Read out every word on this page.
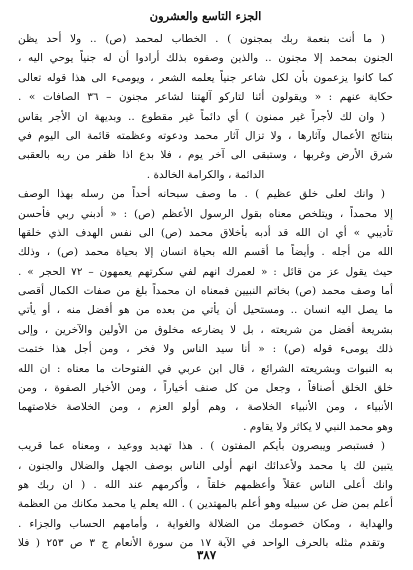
الجزء التاسع والعشرون
( ما أنت بنعمة ربك بمجنون ) . الخطاب لمحمد (ص) .. ولا أحد يظن
الجنون بمحمد إلا مجنون .. والذين وصفوه بذلك أرادوا أن له جنياً يوحي اليه ،
كما كانوا يزعمون بأن لكل شاعر جنياً يعلمه الشعر ، ويومىء الى هذا قوله تعالى
حكاية عنهم : « ويقولون أئنا لتاركو آلهتنا لشاعر مجنون – ٣٦ الصافات » .
( وان لك لأجراً غير ممنون ) أي دائماً غير مقطوع .. وبديهة ان الأجر يقاس
بنتائج الأعمال وآثارها ، ولا تزال آثار محمد ودعوته وعظمته قائمة الى اليوم في
شرق الأرض وغربها ، وستبقى الى آخر يوم ، فلا بدع اذا ظفر من ربه بالعقبى
الدائمة ، والكرامة الخالدة .
( وانك لعلى خلق عظيم ) . ما وصف سبحانه أحداً من رسله بهذا الوصف
إلا محمداً ، ويتلخص معناه بقول الرسول الأعظم (ص) : « أدبني ربي فأحسن
تأديبي » أي ان الله قد أدبه بأخلاق محمد (ص) الى نفس الهدف الذي خلقها
الله من أجله . وأيضاً ما أقسم الله بحياة انسان إلا بحياة محمد (ص) ، وذلك
حيث يقول عز من قائل : « لعمرك انهم لفي سكرتهم يعمهون – ٧٢ الحجر » .
أما وصف محمد (ص) بخاتم النبيين فمعناه ان محمداً بلغ من صفات الكمال أقصى
ما يصل اليه انسان .. ومستحيل أن يأتي من بعده من هو أفضل منه ، أو يأتي
بشريعة أفضل من شريعته ، بل لا يضارعه مخلوق من الأولين والآخرين ، وإلى
ذلك يومىء قوله (ص) : « أنا سيد الناس ولا فخر ، ومن أجل هذا ختمت
به النبوات وبشريعته الشرائع ، قال ابن عربي في الفتوحات ما معناه : ان الله
خلق الخلق أصنافاً ، وجعل من كل صنف أخياراً ، ومن الأخيار الصفوة ، ومن
الأنبياء ، ومن الأنبياء الخلاصة ، وهم أولو العزم ، ومن الخلاصة خلاصتهما
وهو محمد النبي لا يكاثر ولا يقاوم .
( فستبصر ويبصرون بأيكم المفتون ) . هذا تهديد ووعيد ، ومعناه عما قريب
يتبين لك يا محمد ولأعدائك انهم أولى الناس بوصف الجهل والضلال والجنون ،
وانك أعلى الناس عقلاً وأعظمهم خلقاً ، وأكرمهم عند الله . ( ان ربك هو
أعلم بمن ضل عن سبيله وهو أعلم بالمهتدين ) . الله يعلم يا محمد مكانك من العظمة
والهداية ، ومكان خصومك من الضلالة والغواية ، وأمامهم الحساب والجزاء .
وتقدم مثله بالحرف الواحد في الآية ١٧ من سورة الأنعام ج ٣ ص ٢٥٣ ( فلا
٣٨٧
